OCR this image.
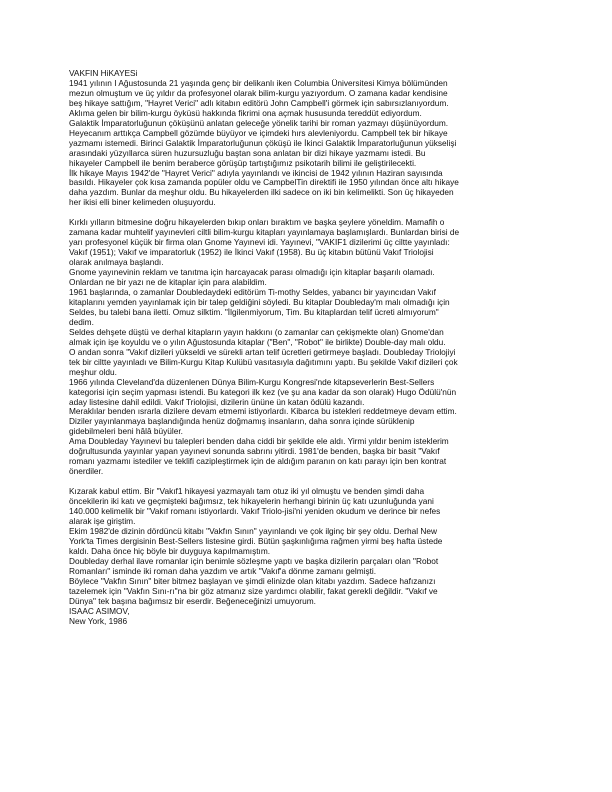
VAKFIN HiKAYESi
1941 yılının I Ağustosunda 21 yaşında genç bir delikanlı iken Columbia Üniversitesi Kimya bölümünden
mezun olmuştum ve üç yıldır da profesyonel olarak bilim-kurgu yazıyordum. O zamana kadar kendisine
beş hikaye sattığım, "Hayret Verici" adlı kitabın editörü John Campbell'i görmek için sabırsızlanıyordum.
Aklıma gelen bir bilim-kurgu öyküsü hakkında fikrimi ona açmak hususunda tereddüt ediyordum.
Galaktik İmparatorluğunun çöküşünü anlatan geleceğe yönelik tarihi bir roman yazmayı düşünüyordum.
Heyecanım arttıkça Campbell gözümde büyüyor ve içimdeki hırs alevleniyordu. Campbell tek bir hikaye
yazmamı istemedi. Birinci Galaktik İmparatorluğunun çöküşü ile İkinci Galaktik İmparatorluğunun yükselişi
arasındaki yüzyıllarca süren huzursuzluğu baştan sona anlatan bir dizi hikaye yazmamı istedi. Bu
hikayeler Campbell ile benim beraberce görüşüp tartıştığımız psikotarih bilimi ile geliştirilecekti.
İlk hikaye Mayıs 1942'de "Hayret Verici" adıyla yayınlandı ve ikincisi de 1942 yılının Haziran sayısında
basıldı. Hikayeler çok kısa zamanda popüler oldu ve CampbelTin direktifi ile 1950 yılından önce altı hikaye
daha yazdım. Bunlar da meşhur oldu. Bu hikayelerden ilki sadece on iki bin kelimelikti. Son üç hikayeden
her ikisi elli biner kelimeden oluşuyordu.
Kırklı yılların bitmesine doğru hikayelerden bıkıp onları bıraktım ve başka şeylere yöneldim. Mamafih o
zamana kadar muhtelif yayınevleri ciltli bilim-kurgu kitapları yayınlamaya başlamışlardı. Bunlardan birisi de
yarı profesyonel küçük bir firma olan Gnome Yayınevi idi. Yayınevi, "VAKIF1 dizilerimi üç ciltte yayınladı:
Vakıf (1951); Vakıf ve imparatorluk (1952) ile İkinci Vakıf (1958). Bu üç kitabın bütünü Vakıf Triolojisi
olarak anılmaya başlandı.
Gnome yayınevinin reklam ve tanıtma için harcayacak parası olmadığı için kitaplar başarılı olamadı.
Onlardan ne bir yazı ne de kitaplar için para alabildim.
1961 başlarında, o zamanlar Doubledaydeki editörüm Ti-mothy Seldes, yabancı bir yayıncıdan Vakıf
kitaplarını yemden yayınlamak için bir talep geldiğini söyledi. Bu kitaplar Doubleday'm malı olmadığı için
Seldes, bu talebi bana iletti. Omuz silktim. "İlgilenmiyorum, Tim. Bu kitaplardan telif ücreti almıyorum"
dedim.
Seldes dehşete düştü ve derhal kitapların yayın hakkını (o zamanlar can çekişmekte olan) Gnome'dan
almak için işe koyuldu ve o yılın Ağustosunda kitaplar ("Ben", "Robot" ile birlikte) Double-day malı oldu.
O andan sonra "Vakıf dizileri yükseldi ve sürekli artan telif ücretleri getirmeye başladı. Doubleday Triolojiyi
tek bir ciltte yayınladı ve Bilim-Kurgu Kitap Kulübü vasıtasıyla dağıtımını yaptı. Bu şekilde Vakıf dizileri çok
meşhur oldu.
1966 yılında Cleveland'da düzenlenen Dünya Bilim-Kurgu Kongresi'nde kitapseverlerin Best-Sellers
kategorisi için seçim yapması istendi. Bu kategori ilk kez (ve şu ana kadar da son olarak) Hugo Ödülü'nün
aday listesine dahil edildi. Vakıf Triolojisi, dizilerin ününe ün katan ödülü kazandı.
Meraklılar benden ısrarla dizilere devam etmemi istiyorlardı. Kibarca bu istekleri reddetmeye devam ettim.
Diziler yayınlanmaya başlandığında henüz doğmamış insanların, daha sonra içinde sürüklenip
gidebilmeleri beni hâlâ büyüler.
Ama Doubleday Yayınevi bu talepleri benden daha ciddi bir şekilde ele aldı. Yirmi yıldır benim isteklerim
doğrultusunda yayınlar yapan yayınevi sonunda sabrını yitirdi. 1981'de benden, başka bir basit "Vakıf
romanı yazmamı istediler ve teklifi cazipleştirmek için de aldığım paranın on katı parayı için ben kontrat
önerdiler.
Kızarak kabul ettim. Bir "Vakıf1 hikayesi yazmayalı tam otuz iki yıl olmuştu ve benden şimdi daha
öncekilerin iki katı ve geçmişteki bağımsız, tek hikayelerin herhangi birinin üç katı uzunluğunda yani
140.000 kelimelik bir "Vakıf romanı istiyorlardı. Vakıf Triolo-jisi'ni yeniden okudum ve derince bir nefes
alarak işe giriştim.
Ekim 1982'de dizinin dördüncü kitabı "Vakfın Sının" yayınlandı ve çok ilginç bir şey oldu. Derhal New
York'ta Times dergisinin Best-Sellers listesine girdi. Bütün şaşkınlığıma rağmen yirmi beş hafta üstede
kaldı. Daha önce hiç böyle bir duyguya kapılmamıştım.
Doubleday derhal ilave romanlar için benimle sözleşme yaptı ve başka dizilerin parçaları olan "Robot
Romanları" isminde iki roman daha yazdım ve artık "Vakıf'a dönme zamanı gelmişti.
Böylece "Vakfın Sının" biter bitmez başlayan ve şimdi elinizde olan kitabı yazdım. Sadece hafızanızı
tazelemek için "Vakfın Sını-rı"na bir göz atmanız size yardımcı olabilir, fakat gerekli değildir. "Vakıf ve
Dünya" tek başına bağımsız bir eserdir. Beğeneceğinizi umuyorum.
ISAAC ASIMOV,
New York, 1986
